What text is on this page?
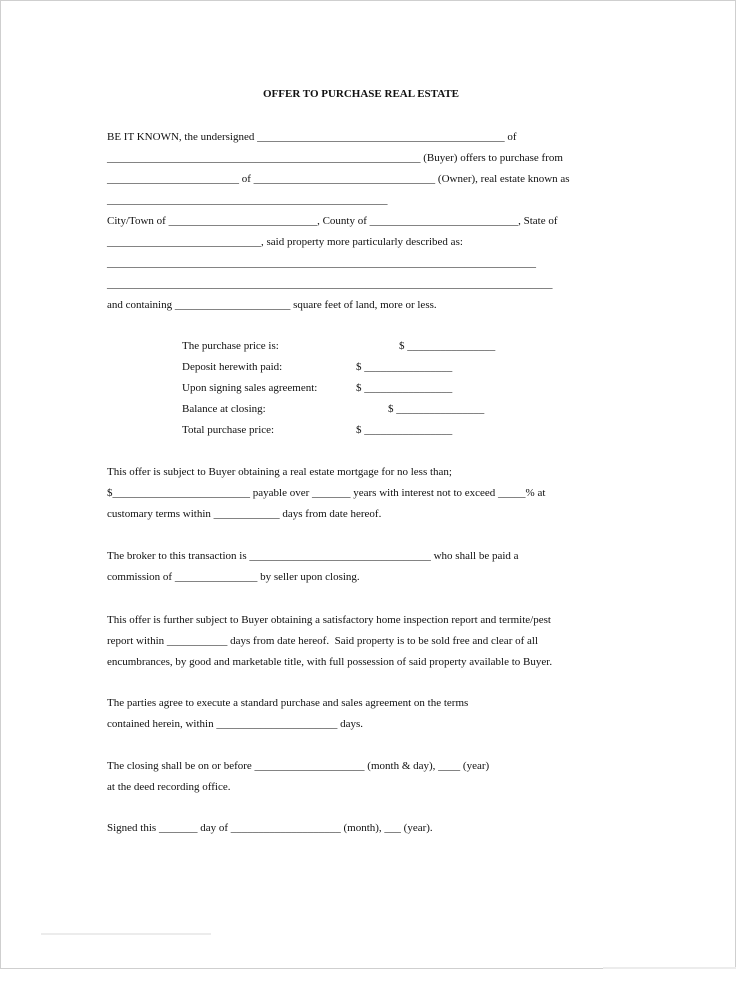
OFFER TO PURCHASE REAL ESTATE
BE IT KNOWN, the undersigned _____________________________________________ of
_________________________________________________________ (Buyer) offers to purchase from
________________________ of _________________________________ (Owner), real estate known as
___________________________________________________
City/Town of ___________________________, County of ___________________________, State of
____________________________, said property more particularly described as:
______________________________________________________________________________
_________________________________________________________________________________
and containing _____________________ square feet of land, more or less.
The purchase price is:	$ ________________
Deposit herewith paid:	$ ________________
Upon signing sales agreement:	$ ________________
Balance at closing:	$ ________________
Total purchase price:	$ ________________
This offer is subject to Buyer obtaining a real estate mortgage for no less than;
$_________________________ payable over _______ years with interest not to exceed _____% at
customary terms within ____________ days from date hereof.
The broker to this transaction is _________________________________ who shall be paid a
commission of _______________ by seller upon closing.
This offer is further subject to Buyer obtaining a satisfactory home inspection report and termite/pest
report within ___________ days from date hereof.  Said property is to be sold free and clear of all
encumbrances, by good and marketable title, with full possession of said property available to Buyer.
The parties agree to execute a standard purchase and sales agreement on the terms
contained herein, within ______________________ days.
The closing shall be on or before ____________________ (month & day), ____ (year)
at the deed recording office.
Signed this _______ day of ____________________ (month), ___ (year).
